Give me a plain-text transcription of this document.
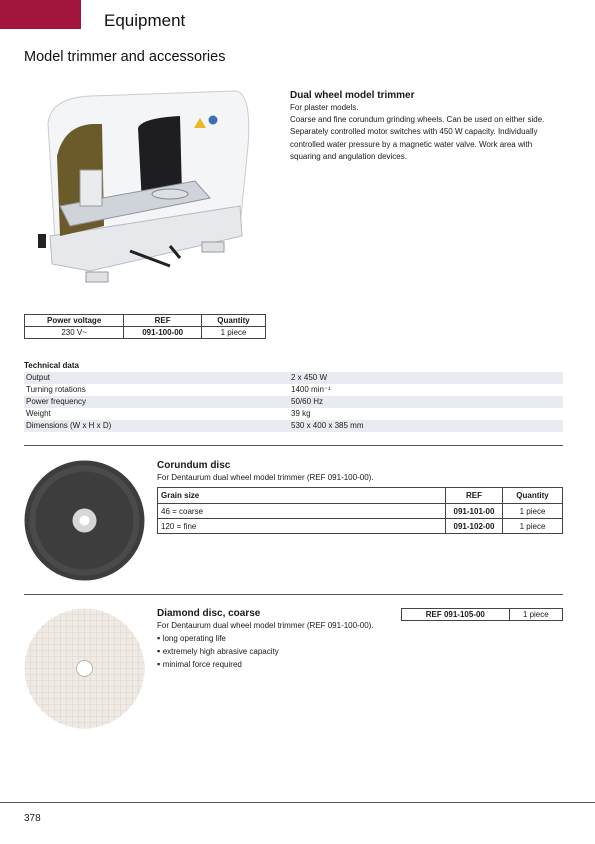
Equipment
Model trimmer and accessories
Dual wheel model trimmer
For plaster models.
Coarse and fine corundum grinding wheels. Can be used on either side.
Separately controlled motor switches with 450 W capacity. Individually
controlled water pressure by a magnetic water valve. Work area with
squaring and angulation devices.
Power voltage	REF	Quantity
230 V~	091-100-00	1 piece
Technical data
Output	2 x 450 W
Turning rotations	1400 min⁻¹
Power frequency	50/60 Hz
Weight	39 kg
Dimensions (W x H x D)	530 x 400 x 385 mm
Corundum disc
For Dentaurum dual wheel model trimmer (REF 091-100-00).
Grain size	REF	Quantity
46 = coarse	091-101-00	1 piece
120 = fine	091-102-00	1 piece
Diamond disc, coarse
For Dentaurum dual wheel model trimmer (REF 091-100-00).
▪ long operating life
▪ extremely high abrasive capacity
▪ minimal force required
REF 091-105-00	1 piece
378
